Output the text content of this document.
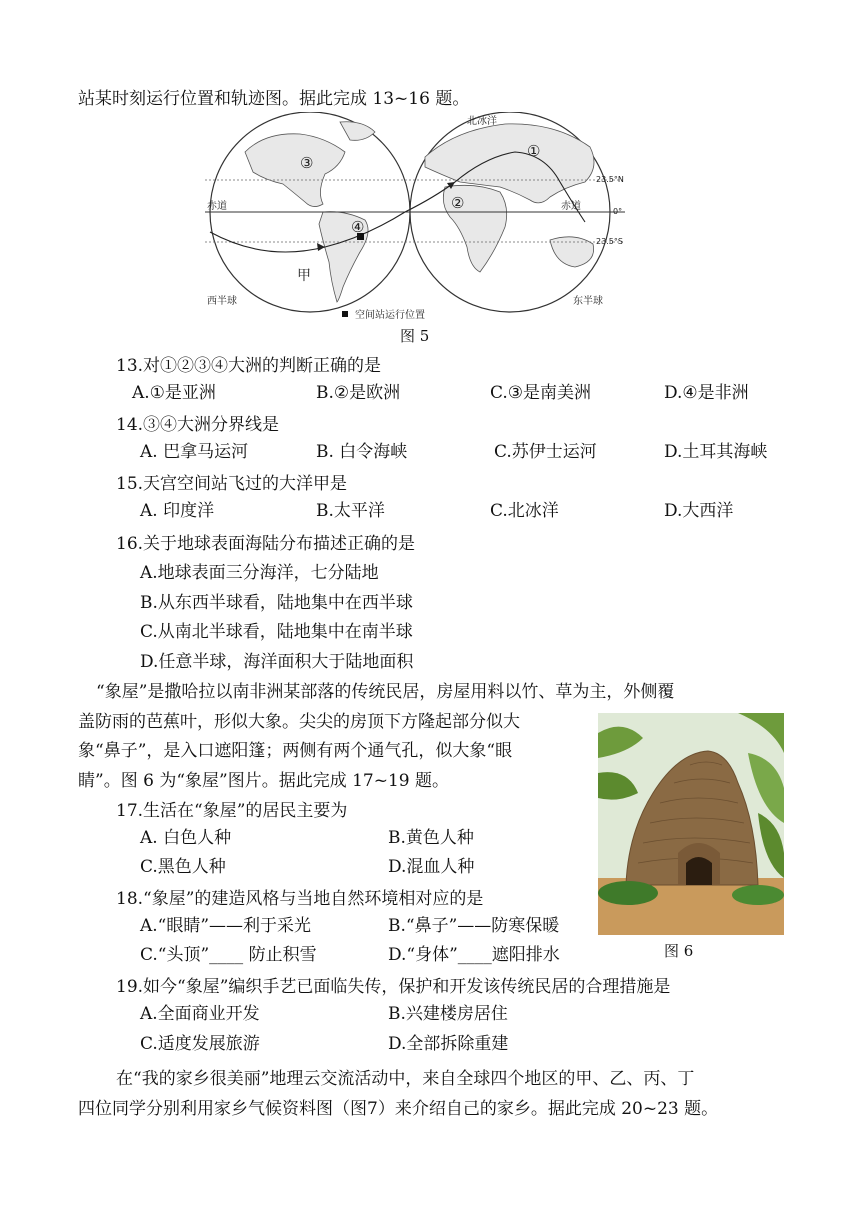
站某时刻运行位置和轨迹图。据此完成 13~16 题。
北冰洋
①
②
③
④
甲
赤道	赤道
23.5°N
0°
23.5°S
西半球	东半球
空间站运行位置
图 5
13.对①②③④大洲的判断正确的是
A.①是亚洲	B.②是欧洲	C.③是南美洲	D.④是非洲
14.③④大洲分界线是
A. 巴拿马运河	B. 白令海峡	C.苏伊士运河	D.土耳其海峡
15.天宫空间站飞过的大洋甲是
A. 印度洋	B.太平洋	C.北冰洋	D.大西洋
16.关于地球表面海陆分布描述正确的是
A.地球表面三分海洋，七分陆地
B.从东西半球看，陆地集中在西半球
C.从南北半球看，陆地集中在南半球
D.任意半球，海洋面积大于陆地面积
“象屋”是撒哈拉以南非洲某部落的传统民居，房屋用料以竹、草为主，外侧覆
盖防雨的芭蕉叶，形似大象。尖尖的房顶下方隆起部分似大
象“鼻子”，是入口遮阳篷；两侧有两个通气孔，似大象“眼
睛”。图 6 为“象屋”图片。据此完成 17~19 题。
图 6
17.生活在“象屋”的居民主要为
A. 白色人种	B.黄色人种
C.黑色人种	D.混血人种
18.“象屋”的建造风格与当地自然环境相对应的是
A.“眼睛”——利于采光	B.“鼻子”——防寒保暖
C.“头顶”____ 防止积雪	D.“身体”____遮阳排水
19.如今“象屋”编织手艺已面临失传，保护和开发该传统民居的合理措施是
A.全面商业开发	B.兴建楼房居住
C.适度发展旅游	D.全部拆除重建
在“我的家乡很美丽”地理云交流活动中，来自全球四个地区的甲、乙、丙、丁
四位同学分别利用家乡气候资料图（图7）来介绍自己的家乡。据此完成 20~23 题。
